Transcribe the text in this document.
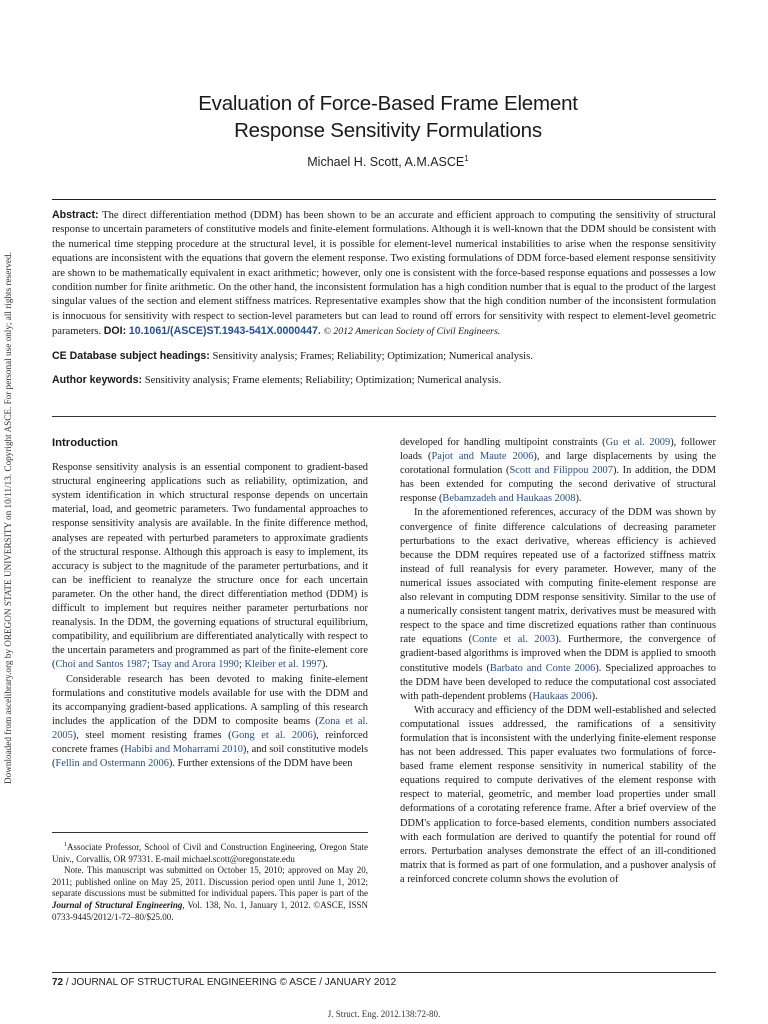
Downloaded from ascelibrary.org by OREGON STATE UNIVERSITY on 10/11/13. Copyright ASCE. For personal use only; all rights reserved.
Evaluation of Force-Based Frame Element
Response Sensitivity Formulations
Michael H. Scott, A.M.ASCE$^1$
Abstract: The direct differentiation method (DDM) has been shown to be an accurate and efficient approach to computing the sensitivity of structural response to uncertain parameters of constitutive models and finite-element formulations. Although it is well-known that the DDM should be consistent with the numerical time stepping procedure at the structural level, it is possible for element-level numerical instabilities to arise when the response sensitivity equations are inconsistent with the equations that govern the element response. Two existing formulations of DDM force-based element response sensitivity are shown to be mathematically equivalent in exact arithmetic; however, only one is consistent with the force-based response equations and possesses a low condition number for finite arithmetic. On the other hand, the inconsistent formulation has a high condition number that is equal to the product of the largest singular values of the section and element stiffness matrices. Representative examples show that the high condition number of the inconsistent formulation is innocuous for sensitivity with respect to section-level parameters but can lead to round off errors for sensitivity with respect to element-level geometric parameters. DOI: 10.1061/(ASCE)ST.1943-541X.0000447. © 2012 American Society of Civil Engineers.
CE Database subject headings: Sensitivity analysis; Frames; Reliability; Optimization; Numerical analysis.
Author keywords: Sensitivity analysis; Frame elements; Reliability; Optimization; Numerical analysis.
Introduction

Response sensitivity analysis is an essential component to gradient-based structural engineering applications such as reliability, optimization, and system identification in which structural response depends on uncertain material, load, and geometric parameters. Two fundamental approaches to response sensitivity analysis are available. In the finite difference method, analyses are repeated with perturbed parameters to approximate gradients of the structural response. Although this approach is easy to implement, its accuracy is subject to the magnitude of the parameter perturbations, and it can be inefficient to reanalyze the structure once for each uncertain parameter. On the other hand, the direct differentiation method (DDM) is difficult to implement but requires neither parameter perturbations nor reanalysis. In the DDM, the governing equations of structural equilibrium, compatibility, and equilibrium are differentiated analytically with respect to the uncertain parameters and programmed as part of the finite-element core (Choi and Santos 1987; Tsay and Arora 1990; Kleiber et al. 1997).

Considerable research has been devoted to making finite-element formulations and constitutive models available for use with the DDM and its accompanying gradient-based applications. A sampling of this research includes the application of the DDM to composite beams (Zona et al. 2005), steel moment resisting frames (Gong et al. 2006), reinforced concrete frames (Habibi and Moharrami 2010), and soil constitutive models (Fellin and Ostermann 2006). Further extensions of the DDM have been

$^1$Associate Professor, School of Civil and Construction Engineering, Oregon State Univ., Corvallis, OR 97331. E-mail michael.scott@oregonstate.edu

Note. This manuscript was submitted on October 15, 2010; approved on May 20, 2011; published online on May 25, 2011. Discussion period open until June 1, 2012; separate discussions must be submitted for individual papers. This paper is part of the Journal of Structural Engineering, Vol. 138, No. 1, January 1, 2012. ©ASCE, ISSN 0733-9445/2012/1-72–80/$25.00.

developed for handling multipoint constraints (Gu et al. 2009), follower loads (Pajot and Maute 2006), and large displacements by using the corotational formulation (Scott and Filippou 2007). In addition, the DDM has been extended for computing the second derivative of structural response (Bebamzadeh and Haukaas 2008).

In the aforementioned references, accuracy of the DDM was shown by convergence of finite difference calculations of decreasing parameter perturbations to the exact derivative, whereas efficiency is achieved because the DDM requires repeated use of a factorized stiffness matrix instead of full reanalysis for every parameter. However, many of the numerical issues associated with computing finite-element response are also relevant in computing DDM response sensitivity. Similar to the use of a numerically consistent tangent matrix, derivatives must be measured with respect to the space and time discretized equations rather than continuous rate equations (Conte et al. 2003). Furthermore, the convergence of gradient-based algorithms is improved when the DDM is applied to smooth constitutive models (Barbato and Conte 2006). Specialized approaches to the DDM have been developed to reduce the computational cost associated with path-dependent problems (Haukaas 2006).

With accuracy and efficiency of the DDM well-established and selected computational issues addressed, the ramifications of a sensitivity formulation that is inconsistent with the underlying finite-element response has not been addressed. This paper evaluates two formulations of force-based frame element response sensitivity in numerical stability of the equations required to compute derivatives of the element response with respect to material, geometric, and member load properties under small deformations of a corotating reference frame. After a brief overview of the DDM's application to force-based elements, condition numbers associated with each formulation are derived to quantify the potential for round off errors. Perturbation analyses demonstrate the effect of an ill-conditioned matrix that is formed as part of one formulation, and a pushover analysis of a reinforced concrete column shows the evolution of

72 / JOURNAL OF STRUCTURAL ENGINEERING © ASCE / JANUARY 2012
J. Struct. Eng. 2012.138:72-80.
